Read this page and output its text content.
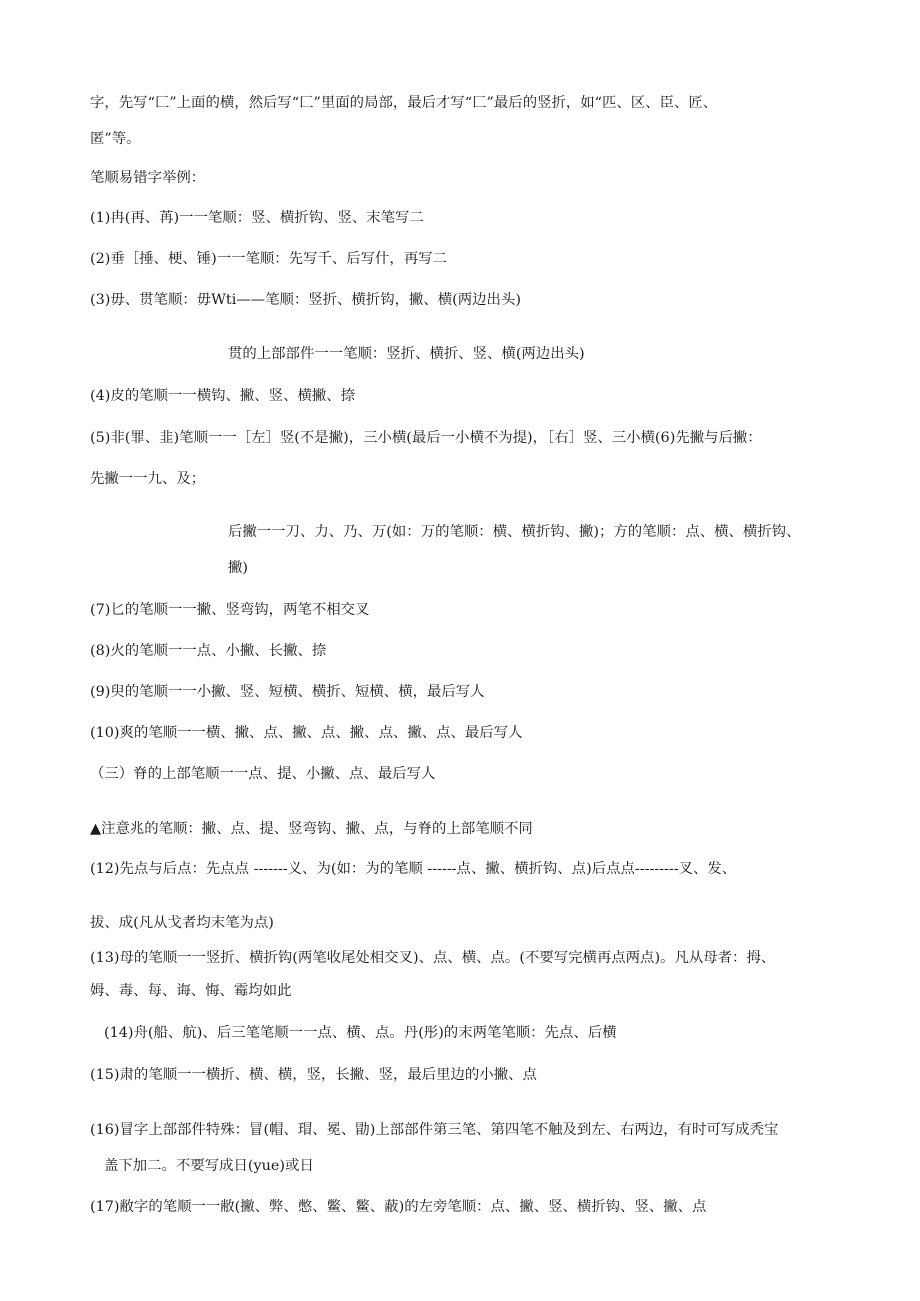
字，先写“匚”上面的横，然后写“匚”里面的局部，最后才写“匚”最后的竖折，如“匹、区、臣、匠、
匿”等。
笔顺易错字举例：
(1)冉(再、苒)一一笔顺：竖、横折钩、竖、末笔写二
(2)垂［捶、梗、锤)一一笔顺：先写千、后写什，再写二
(3)毋、贯笔顺：毋Wti——笔顺：竖折、横折钩，撇、横(两边出头)
贯的上部部件一一笔顺：竖折、横折、竖、横(两边出头)
(4)皮的笔顺一一横钩、撇、竖、横撇、捺
(5)非(罪、韭)笔顺一一［左］竖(不是撇)，三小横(最后一小横不为提)，［右］竖、三小横(6)先撇与后撇：
先撇一一九、及；
后撇一一刀、力、乃、万(如：万的笔顺：横、横折钩、撇)；方的笔顺：点、横、横折钩、
撇)
(7)匕的笔顺一一撇、竖弯钩，两笔不相交叉
(8)火的笔顺一一点、小撇、长撇、捺
(9)臾的笔顺一一小撇、竖、短横、横折、短横、横，最后写人
(10)爽的笔顺一一横、撇、点、撇、点、撇、点、撇、点、最后写人
（三）脊的上部笔顺一一点、提、小撇、点、最后写人
▲注意兆的笔顺：撇、点、提、竖弯钩、撇、点，与脊的上部笔顺不同
(12)先点与后点：先点点 -------义、为(如：为的笔顺 ------点、撇、横折钩、点)后点点---------叉、发、
拔、成(凡从戈者均末笔为点)
(13)母的笔顺一一竖折、横折钩(两笔收尾处相交叉)、点、横、点。(不要写完横再点两点)。凡从母者：拇、
姆、毒、每、诲、悔、霉均如此
(14)舟(船、航)、后三笔笔顺一一点、横、点。丹(彤)的末两笔笔顺：先点、后横
(15)肃的笔顺一一横折、横、横，竖，长撇、竖，最后里边的小撇、点
(16)冒字上部部件特殊：冒(帽、瑁、冕、勖)上部部件第三笔、第四笔不触及到左、右两边，有时可写成秃宝
盖下加二。不要写成日(yue)或日
(17)敝字的笔顺一一敝(撇、弊、憋、鳖、鳖、蔽)的左旁笔顺：点、撇、竖、横折钩、竖、撇、点
